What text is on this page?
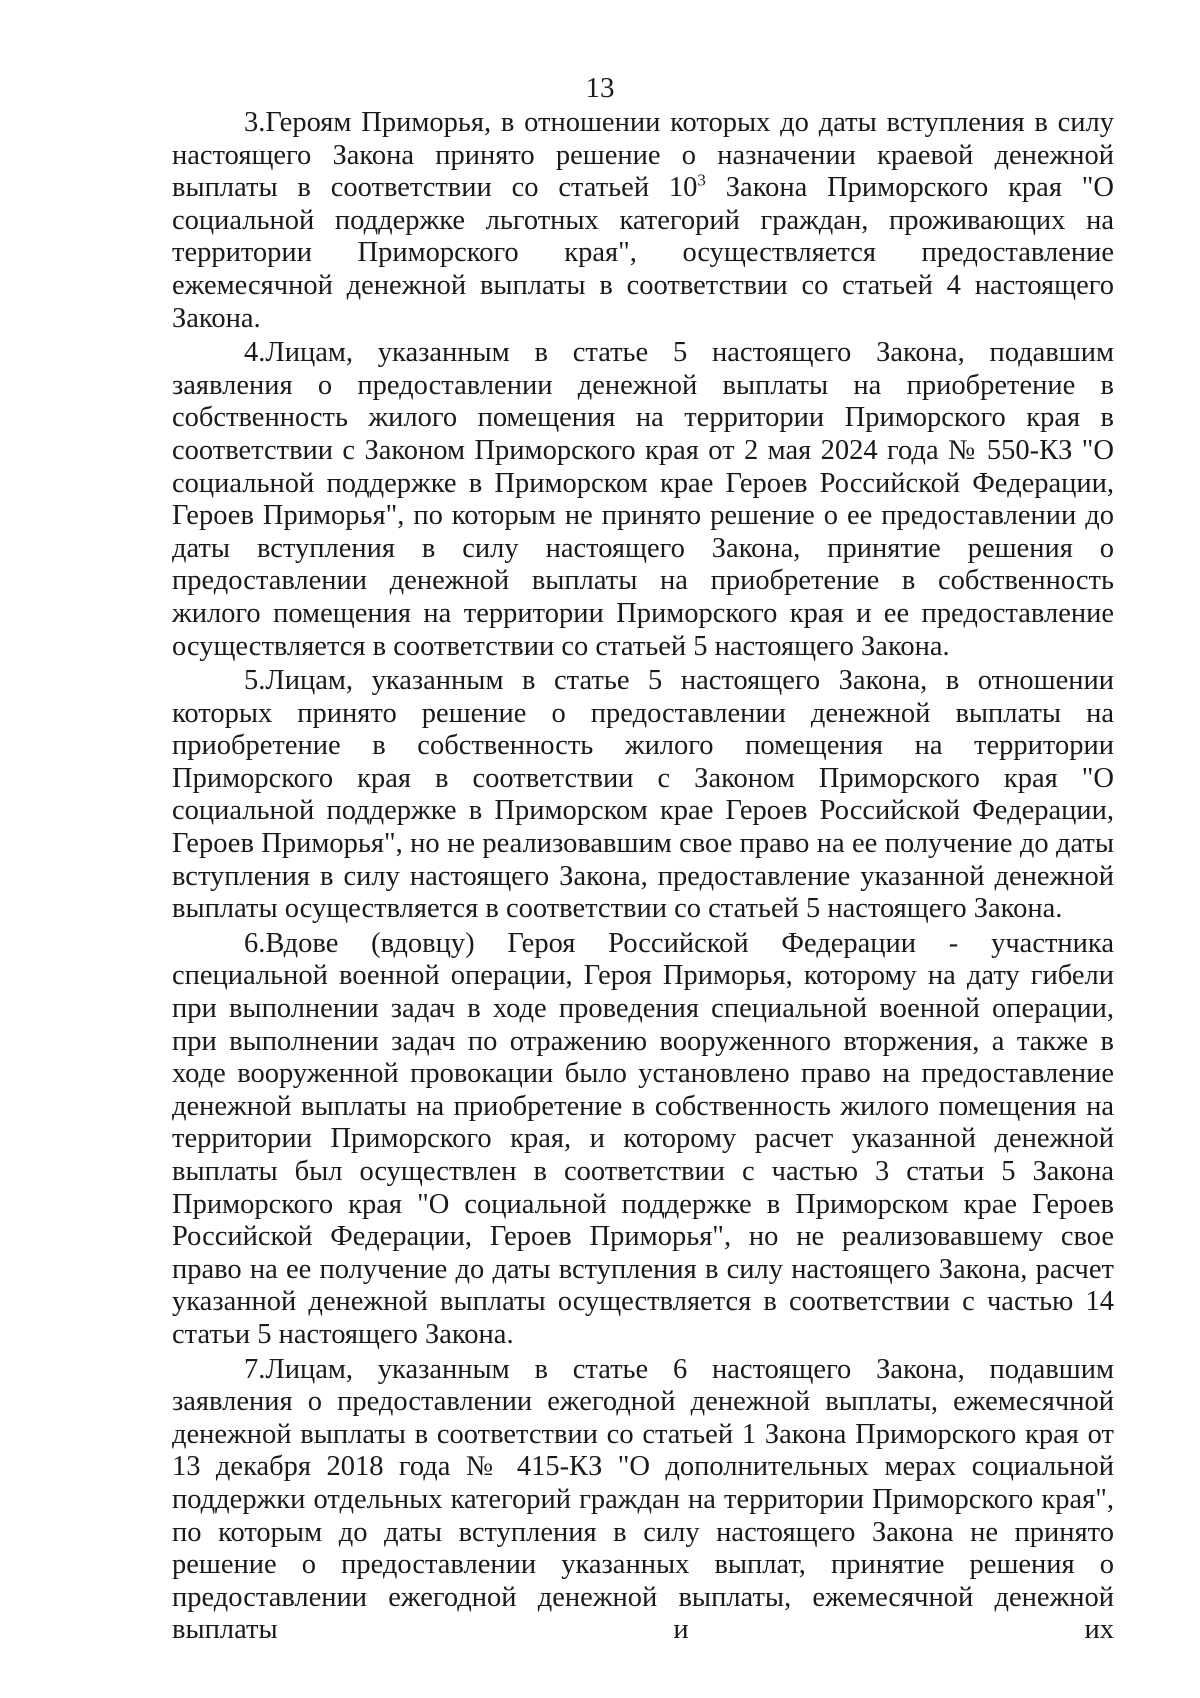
13

3.Героям Приморья, в отношении которых до даты вступления в силу настоящего Закона принято решение о назначении краевой денежной выплаты в соответствии со статьей $10^3$ Закона Приморского края "О социальной поддержке льготных категорий граждан, проживающих на территории Приморского края", осуществляется предоставление ежемесячной денежной выплаты в соответствии со статьей 4 настоящего Закона.

4.Лицам, указанным в статье 5 настоящего Закона, подавшим заявления о предоставлении денежной выплаты на приобретение в собственность жилого помещения на территории Приморского края в соответствии с Законом Приморского края от 2 мая 2024 года № 550-КЗ "О социальной поддержке в Приморском крае Героев Российской Федерации, Героев Приморья", по которым не принято решение о ее предоставлении до даты вступления в силу настоящего Закона, принятие решения о предоставлении денежной выплаты на приобретение в собственность жилого помещения на территории Приморского края и ее предоставление осуществляется в соответствии со статьей 5 настоящего Закона.

5.Лицам, указанным в статье 5 настоящего Закона, в отношении которых принято решение о предоставлении денежной выплаты на приобретение в собственность жилого помещения на территории Приморского края в соответствии с Законом Приморского края "О социальной поддержке в Приморском крае Героев Российской Федерации, Героев Приморья", но не реализовавшим свое право на ее получение до даты вступления в силу настоящего Закона, предоставление указанной денежной выплаты осуществляется в соответствии со статьей 5 настоящего Закона.

6.Вдове (вдовцу) Героя Российской Федерации - участника специальной военной операции, Героя Приморья, которому на дату гибели при выполнении задач в ходе проведения специальной военной операции, при выполнении задач по отражению вооруженного вторжения, а также в ходе вооруженной провокации было установлено право на предоставление денежной выплаты на приобретение в собственность жилого помещения на территории Приморского края, и которому расчет указанной денежной выплаты был осуществлен в соответствии с частью 3 статьи 5 Закона Приморского края "О социальной поддержке в Приморском крае Героев Российской Федерации, Героев Приморья", но не реализовавшему свое право на ее получение до даты вступления в силу настоящего Закона, расчет указанной денежной выплаты осуществляется в соответствии с частью 14 статьи 5 настоящего Закона.

7.Лицам, указанным в статье 6 настоящего Закона, подавшим заявления о предоставлении ежегодной денежной выплаты, ежемесячной денежной выплаты в соответствии со статьей 1 Закона Приморского края от 13 декабря 2018 года № 415-КЗ "О дополнительных мерах социальной поддержки отдельных категорий граждан на территории Приморского края", по которым до даты вступления в силу настоящего Закона не принято решение о предоставлении указанных выплат, принятие решения о предоставлении ежегодной денежной выплаты, ежемесячной денежной выплаты и их
